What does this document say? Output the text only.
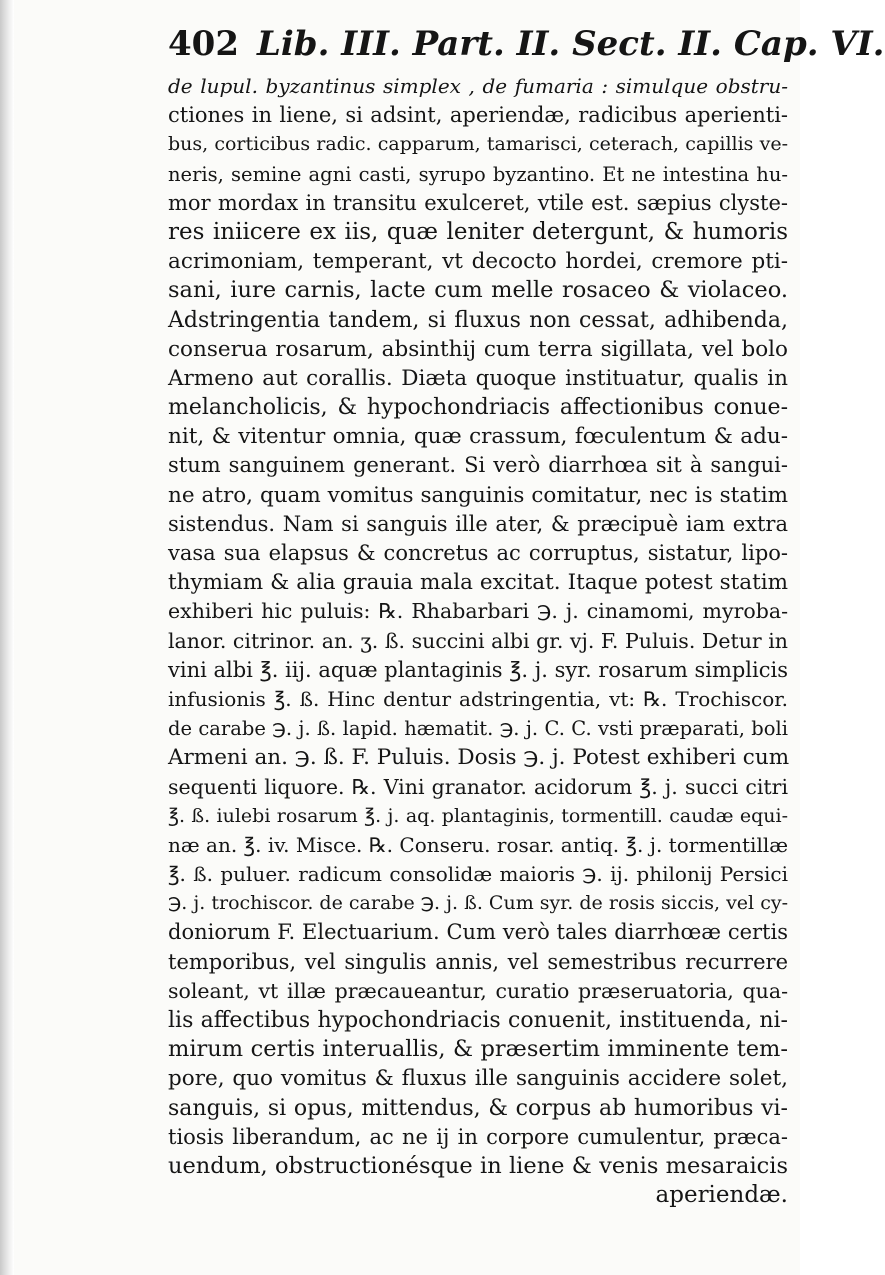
402 Lib. III. Part. II. Sect. II. Cap. VI.
de lupul. byzantinus simplex , de fumaria : simulque obstru-
ctiones in liene, si adsint, aperiendæ, radicibus aperienti-
bus, corticibus radic. capparum, tamarisci, ceterach, capillis ve-
neris, semine agni casti, syrupo byzantino. Et ne intestina hu-
mor mordax in transitu exulceret, vtile est. sæpius clyste-
res iniicere ex iis, quæ leniter detergunt, & humoris
acrimoniam, temperant, vt decocto hordei, cremore pti-
sani, iure carnis, lacte cum melle rosaceo & violaceo.
Adstringentia tandem, si fluxus non cessat, adhibenda,
conserua rosarum, absinthij cum terra sigillata, vel bolo
Armeno aut corallis. Diæta quoque instituatur, qualis in
melancholicis, & hypochondriacis affectionibus conue-
nit, & vitentur omnia, quæ crassum, fœculentum & adu-
stum sanguinem generant. Si verò diarrhœa sit à sangui-
ne atro, quam vomitus sanguinis comitatur, nec is statim
sistendus. Nam si sanguis ille ater, & præcipuè iam extra
vasa sua elapsus & concretus ac corruptus, sistatur, lipo-
thymiam & alia grauia mala excitat. Itaque potest statim
exhiberi hic puluis: ℞. Rhabarbari ℈. j. cinamomi, myroba-
lanor. citrinor. an. ʒ. ß. succini albi gr. vj. F. Puluis. Detur in
vini albi ℥. iij. aquæ plantaginis ℥. j. syr. rosarum simplicis
infusionis ℥. ß. Hinc dentur adstringentia, vt: ℞. Trochiscor.
de carabe ℈. j. ß. lapid. hæmatit. ℈. j. C. C. vsti præparati, boli
Armeni an. ℈. ß. F. Puluis. Dosis ℈. j. Potest exhiberi cum
sequenti liquore. ℞. Vini granator. acidorum ℥. j. succi citri
℥. ß. iulebi rosarum ℥. j. aq. plantaginis, tormentill. caudæ equi-
næ an. ℥. iv. Misce. ℞. Conseru. rosar. antiq. ℥. j. tormentillæ
℥. ß. puluer. radicum consolidæ maioris ℈. ij. philonij Persici
℈. j. trochiscor. de carabe ℈. j. ß. Cum syr. de rosis siccis, vel cy-
doniorum F. Electuarium. Cum verò tales diarrhœæ certis
temporibus, vel singulis annis, vel semestribus recurrere
soleant, vt illæ præcaueantur, curatio præseruatoria, qua-
lis affectibus hypochondriacis conuenit, instituenda, ni-
mirum certis interuallis, & præsertim imminente tem-
pore, quo vomitus & fluxus ille sanguinis accidere solet,
sanguis, si opus, mittendus, & corpus ab humoribus vi-
tiosis liberandum, ac ne ij in corpore cumulentur, præca-
uendum, obstructionésque in liene & venis mesaraicis
aperiendæ.
